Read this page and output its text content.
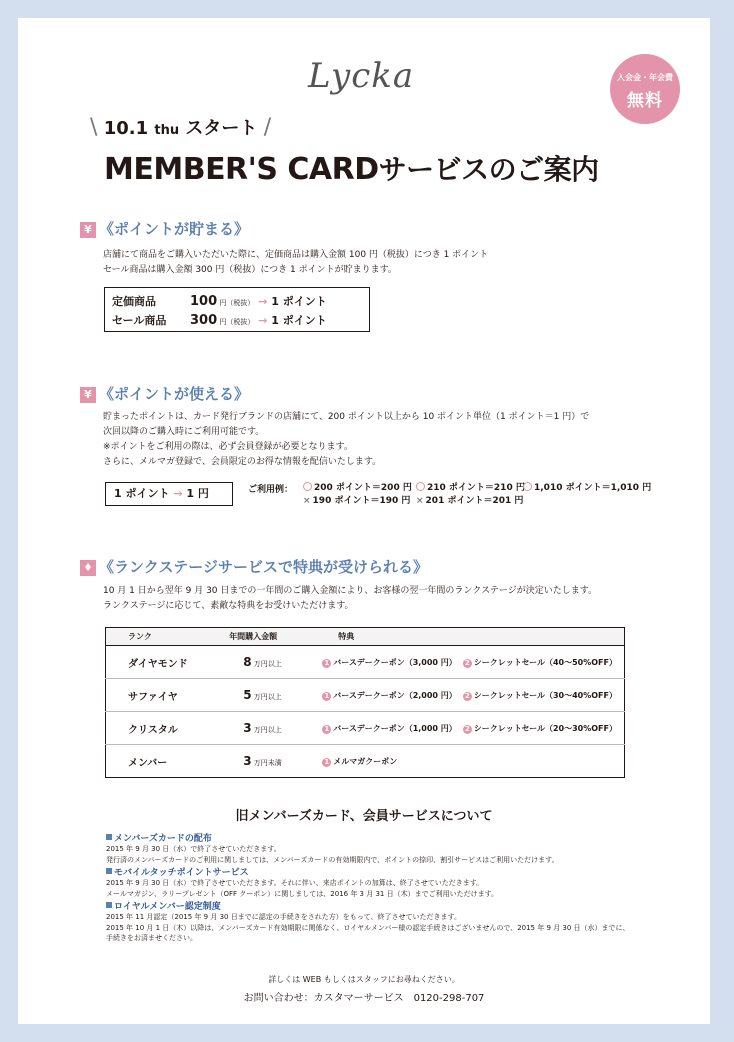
Lycka	入会金・年会費
無料
\ 10.1 thu スタート /
MEMBER'S CARDサービスのご案内
¥ 《ポイントが貯まる》
店舗にて商品をご購入いただいた際に、定価商品は購入金額 100 円（税抜）につき 1 ポイント
セール商品は購入金額 300 円（税抜）につき 1 ポイントが貯まります。
定価商品	100 円（税抜） → 1 ポイント
セール商品 300 円（税抜） → 1 ポイント
¥ 《ポイントが使える》
貯まったポイントは、カード発行ブランドの店舗にて、200 ポイント以上から 10 ポイント単位（1 ポイント＝1 円）で
次回以降のご購入時にご利用可能です。
※ポイントをご利用の際は、必ず会員登録が必要となります。
さらに、メルマガ登録で、会員限定のお得な情報を配信いたします。
1 ポイント → 1 円	ご利用例：	200 ポイント＝200 円	210 ポイント＝210 円	1,010 ポイント＝1,010 円
× 190 ポイント＝190 円 × 201 ポイント＝201 円
♦ 《ランクステージサービスで特典が受けられる》
10 月 1 日から翌年 9 月 30 日までの一年間のご購入金額により、お客様の翌一年間のランクステージが決定いたします。
ランクステージに応じて、素敵な特典をお受けいただけます。
ランク	年間購入金額	特典
ダイヤモンド	8 万円以上	1 バースデークーポン（3,000 円） 2 シークレットセール（40～50%OFF）
サファイヤ	5 万円以上	1 バースデークーポン（2,000 円） 2 シークレットセール（30～40%OFF）
クリスタル	3 万円以上	1 バースデークーポン（1,000 円） 2 シークレットセール（20～30%OFF）
メンバー	3 万円未満	1 メルマガクーポン
旧メンバーズカード、会員サービスについて
メンバーズカードの配布
2015 年 9 月 30 日（水）で終了させていただきます。
発行済のメンバーズカードのご利用に関しましては、メンバーズカードの有効期限内で、ポイントの捺印、割引サービスはご利用いただけます。
モバイルタッチポイントサービス
2015 年 9 月 30 日（水）で終了させていただきます。それに伴い、来店ポイントの加算は、終了させていただきます。
メールマガジン、ラリープレゼント（OFF クーポン）に関しましては、2016 年 3 月 31 日（木）までご利用いただけます。
ロイヤルメンバー認定制度
2015 年 11 月認定（2015 年 9 月 30 日までに認定の手続きをされた方）をもって、終了させていただきます。
2015 年 10 月 1 日（木）以降は、メンバーズカード有効期限に関係なく、ロイヤルメンバー様の認定手続きはございませんので、2015 年 9 月 30 日（水）までに、
手続きをお済ませください。
詳しくは WEB もしくはスタッフにお尋ねください。
お問い合わせ：カスタマーサービス　0120-298-707
